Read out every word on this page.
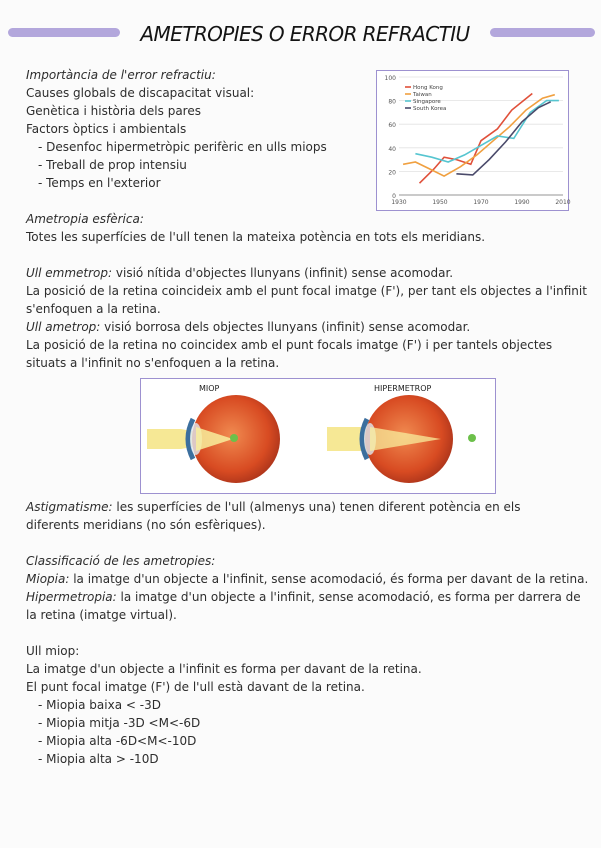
AMETROPIES O ERROR REFRACTIU
Importància de l'error refractiu:
Causes globals de discapacitat visual:
Genètica i història dels pares
Factors òptics i ambientals
- Desenfoc hipermetròpic perifèric en ulls miops
- Treball de prop intensiu
- Temps en l'exterior
0
20
40
60
80
100
1930	1950	1970	1990	2010
Hong Kong
Taiwan
Singapore
South Korea
Ametropia esfèrica:
Totes les superfícies de l'ull tenen la mateixa potència en tots els meridians.
Ull emmetrop: visió nítida d'objectes llunyans (infinit) sense acomodar.
La posició de la retina coincideix amb el punt focal imatge (F'), per tant els objectes a l'infinit
s'enfoquen a la retina.
Ull ametrop: visió borrosa dels objectes llunyans (infinit) sense acomodar.
La posició de la retina no coincidex amb el punt focals imatge (F') i per tantels objectes
situats a l'infinit no s'enfoquen a la retina.
MIOP	HIPERMETROP
Astigmatisme: les superfícies de l'ull (almenys una) tenen diferent potència en els
diferents meridians (no són esfèriques).
Classificació de les ametropies:
Miopia: la imatge d'un objecte a l'infinit, sense acomodació, és forma per davant de la retina.
Hipermetropia: la imatge d'un objecte a l'infinit, sense acomodació, es forma per darrera de
la retina (imatge virtual).
Ull miop:
La imatge d'un objecte a l'infinit es forma per davant de la retina.
El punt focal imatge (F') de l'ull està davant de la retina.
- Miopia baixa < -3D
- Miopia mitja -3D <M<-6D
- Miopia alta -6D<M<-10D
- Miopia alta > -10D
